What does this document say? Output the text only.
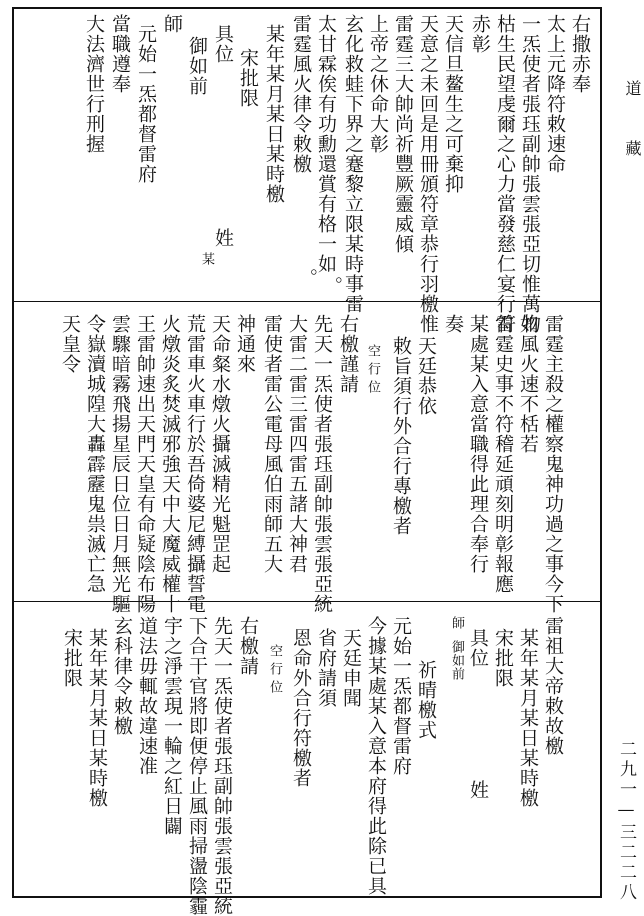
道
藏
二九一—三二二八
右撒赤奉
太上元降符敕速命
一炁使者張珏副帥張雲張亞切惟萬物
枯生民望虔爾之心力當發慈仁宴行符
赤彰
天信旦鳌生之可棄抑
天意之未回是用冊頒符章恭行羽檄惟
雷霆三大帥尚祈豐厥靈威傾
上帝之休命大彰
玄化救蛙下界之蹇黎立限某時事雷
太甘霖俟有功勳還賞有格一如
雷霆風火律令敕檄
某年某月某日某時檄
宋批限
具位
姓
御如前
師
元始一炁都督雷府
當職遵奉
大法濟世行刑握
某
。
。
雷霆主殺之權察鬼神功過之事今下
如風火速不栝若
雷霆史事不符稽延頑刻明彰報應
某處某入意當職得此理合奉行
奏
天廷恭依
敕旨須行外合行專檄者
右檄謹請
先天一炁使者張珏副帥張雲張亞統
大雷二雷三雷四雷五諸大神君
雷使者雷公電母風伯雨師五大
神通來
天命粲水燉火攝滅精光魁罡起
荒雷車火車行於吾倚婆尼縛攝誓電
火燉炎炙焚滅邪強天中大魔威權十
王雷帥速出天門天皇有命疑陰布陽
雲驟暗霧飛揚星辰日位日月無光驅
令嶽瀆城隍大轟霹靂鬼祟滅亡急
天皇令	空
行
位
雷祖大帝敕故檄
某年某月某日某時檄
宋批限
具位
御如前
師
姓
祈晴檄式
元始一炁都督雷府
今據某處某入意本府得此除已具
天廷申聞
省府請須
恩命外合行符檄者
右檄請
先天一炁使者張珏副帥張雲張亞統
下合干官將即便停止風雨掃盪陰霾
宇之淨雲現一輪之紅日闢
道法毋輒故違速准
玄科律令敕檄
某年某月某日某時檄
宋批限	空
行
位
